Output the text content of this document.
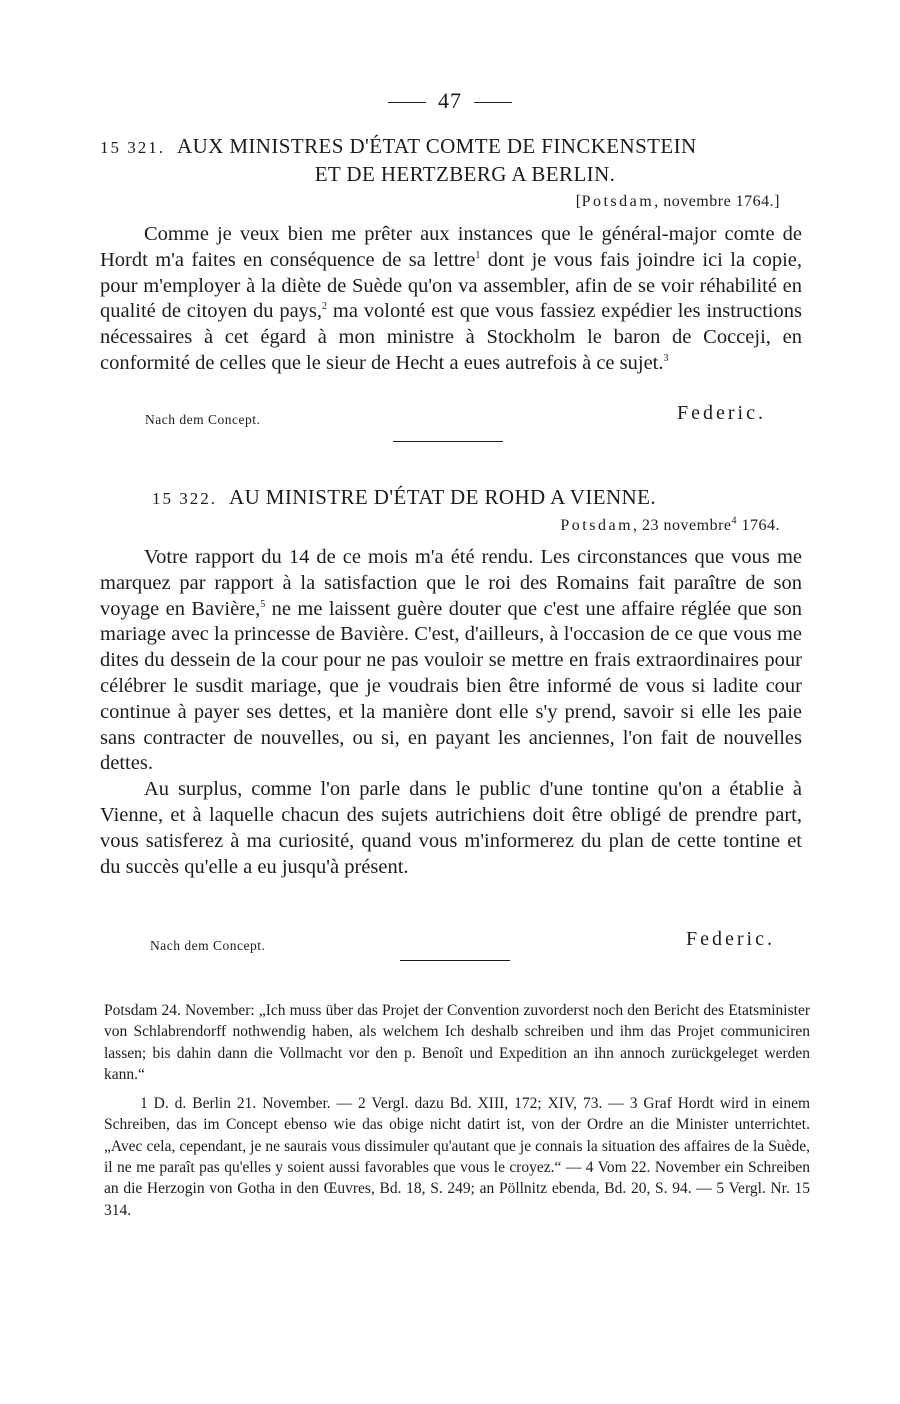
47
15 321. AUX MINISTRES D'ÉTAT COMTE DE FINCKENSTEIN
ET DE HERTZBERG A BERLIN.
[Potsdam, novembre 1764.]

Comme je veux bien me prêter aux instances que le général-major comte de Hordt m'a faites en conséquence de sa lettre$^1$ dont je vous fais joindre ici la copie, pour m'employer à la diète de Suède qu'on va assembler, afin de se voir réhabilité en qualité de citoyen du pays,$^2$ ma volonté est que vous fassiez expédier les instructions nécessaires à cet égard à mon ministre à Stockholm le baron de Cocceji, en conformité de celles que le sieur de Hecht a eues autrefois à ce sujet.$^3$

Nach dem Concept.	Federic.
15 322. AU MINISTRE D'ÉTAT DE ROHD A VIENNE.
Potsdam, 23 novembre$^4$ 1764.

Votre rapport du 14 de ce mois m'a été rendu. Les circonstances que vous me marquez par rapport à la satisfaction que le roi des Romains fait paraître de son voyage en Bavière,$^5$ ne me laissent guère douter que c'est une affaire réglée que son mariage avec la princesse de Bavière. C'est, d'ailleurs, à l'occasion de ce que vous me dites du dessein de la cour pour ne pas vouloir se mettre en frais extraordinaires pour célébrer le susdit mariage, que je voudrais bien être informé de vous si ladite cour continue à payer ses dettes, et la manière dont elle s'y prend, savoir si elle les paie sans contracter de nouvelles, ou si, en payant les anciennes, l'on fait de nouvelles dettes.

Au surplus, comme l'on parle dans le public d'une tontine qu'on a établie à Vienne, et à laquelle chacun des sujets autrichiens doit être obligé de prendre part, vous satisferez à ma curiosité, quand vous m'informerez du plan de cette tontine et du succès qu'elle a eu jusqu'à présent.

Nach dem Concept.	Federic.

Potsdam 24. November: „Ich muss über das Projet der Convention zuvorderst noch den Bericht des Etatsminister von Schlabrendorff nothwendig haben, als welchem Ich deshalb schreiben und ihm das Projet communiciren lassen; bis dahin dann die Vollmacht vor den p. Benoît und Expedition an ihn annoch zurückgeleget werden kann.“

1 D. d. Berlin 21. November. — 2 Vergl. dazu Bd. XIII, 172; XIV, 73. — 3 Graf Hordt wird in einem Schreiben, das im Concept ebenso wie das obige nicht datirt ist, von der Ordre an die Minister unterrichtet. „Avec cela, cependant, je ne saurais vous dissimuler qu'autant que je connais la situation des affaires de la Suède, il ne me paraît pas qu'elles y soient aussi favorables que vous le croyez.“ — 4 Vom 22. November ein Schreiben an die Herzogin von Gotha in den Œuvres, Bd. 18, S. 249; an Pöllnitz ebenda, Bd. 20, S. 94. — 5 Vergl. Nr. 15 314.
